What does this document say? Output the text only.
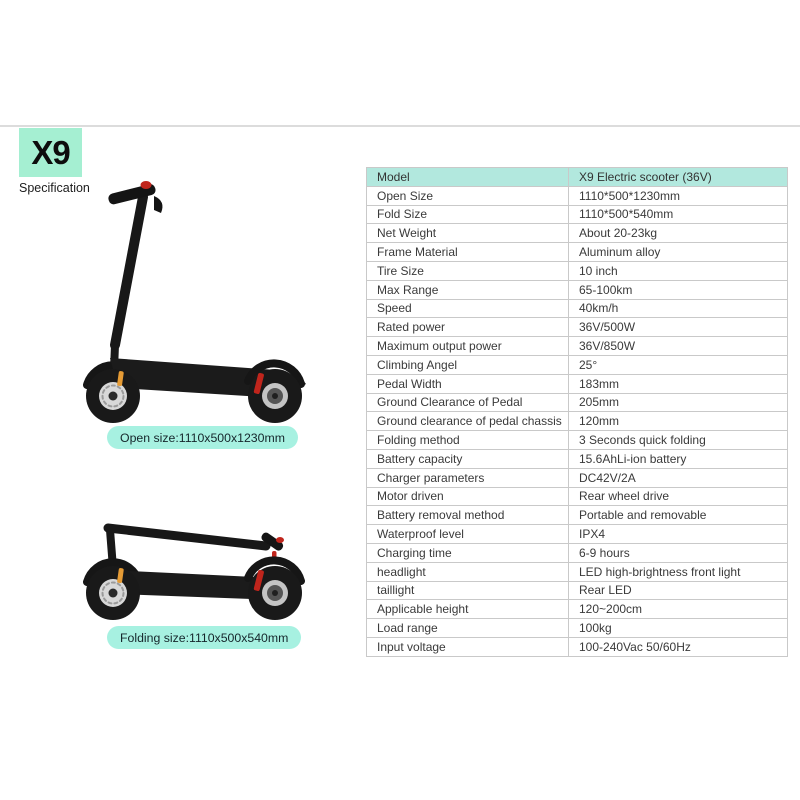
X9
Specification
Open size:1110x500x1230mm
Folding size:1110x500x540mm
Model	X9 Electric scooter (36V)
Open Size	1110*500*1230mm
Fold Size	1110*500*540mm
Net Weight	About 20-23kg
Frame Material	Aluminum alloy
Tire Size	10 inch
Max Range	65-100km
Speed	40km/h
Rated power	36V/500W
Maximum output power	36V/850W
Climbing Angel	25°
Pedal Width	183mm
Ground Clearance of Pedal	205mm
Ground clearance of pedal chassis	120mm
Folding method	3 Seconds quick folding
Battery capacity	15.6AhLi-ion battery
Charger parameters	DC42V/2A
Motor driven	Rear wheel drive
Battery removal method	Portable and removable
Waterproof level	IPX4
Charging time	6-9 hours
headlight	LED high-brightness front light
taillight	Rear LED
Applicable height	120~200cm
Load range	100kg
Input voltage	100-240Vac 50/60Hz
